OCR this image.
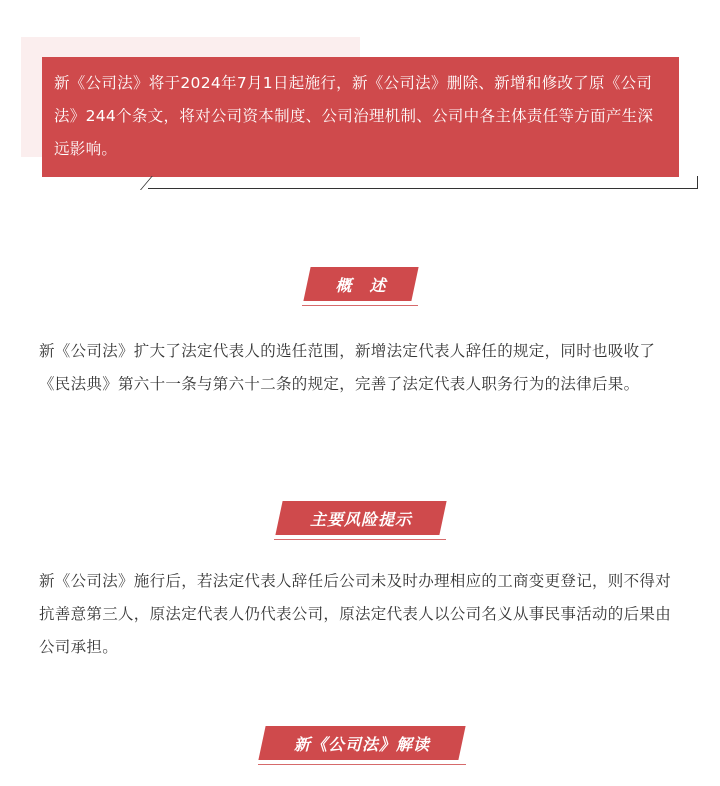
新《公司法》将于2024年7月1日起施行，新《公司法》删除、新增和修改了原《公司法》244个条文，将对公司资本制度、公司治理机制、公司中各主体责任等方面产生深远影响。

概　述

新《公司法》扩大了法定代表人的选任范围，新增法定代表人辞任的规定，同时也吸收了《民法典》第六十一条与第六十二条的规定，完善了法定代表人职务行为的法律后果。

主要风险提示

新《公司法》施行后，若法定代表人辞任后公司未及时办理相应的工商变更登记，则不得对抗善意第三人，原法定代表人仍代表公司，原法定代表人以公司名义从事民事活动的后果由公司承担。

新《公司法》解读
